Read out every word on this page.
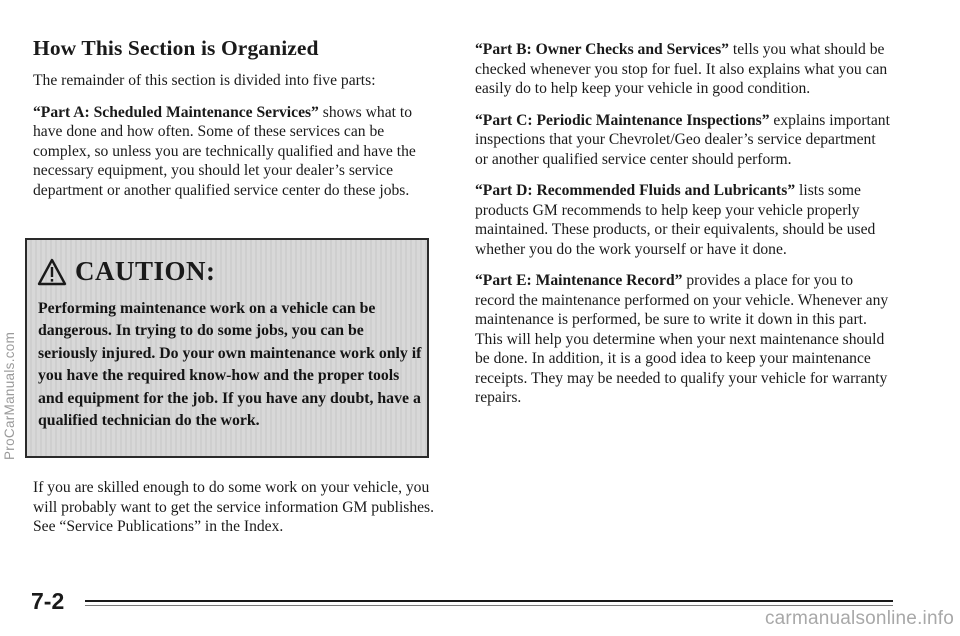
ProCarManuals.com
How This Section is Organized

The remainder of this section is divided into five parts:

“Part A: Scheduled Maintenance Services” shows what to have done and how often. Some of these services can be complex, so unless you are technically qualified and have the necessary equipment, you should let your dealer’s service department or another qualified service center do these jobs.

CAUTION:
Performing maintenance work on a vehicle can be dangerous. In trying to do some jobs, you can be seriously injured. Do your own maintenance work only if you have the required know-how and the proper tools and equipment for the job. If you have any doubt, have a qualified technician do the work.

If you are skilled enough to do some work on your vehicle, you will probably want to get the service information GM publishes. See “Service Publications” in the Index.

“Part B: Owner Checks and Services” tells you what should be checked whenever you stop for fuel. It also explains what you can easily do to help keep your vehicle in good condition.

“Part C: Periodic Maintenance Inspections” explains important inspections that your Chevrolet/Geo dealer’s service department or another qualified service center should perform.

“Part D: Recommended Fluids and Lubricants” lists some products GM recommends to help keep your vehicle properly maintained. These products, or their equivalents, should be used whether you do the work yourself or have it done.

“Part E: Maintenance Record” provides a place for you to record the maintenance performed on your vehicle. Whenever any maintenance is performed, be sure to write it down in this part. This will help you determine when your next maintenance should be done. In addition, it is a good idea to keep your maintenance receipts. They may be needed to qualify your vehicle for warranty repairs.

7-2
carmanualsonline.info
